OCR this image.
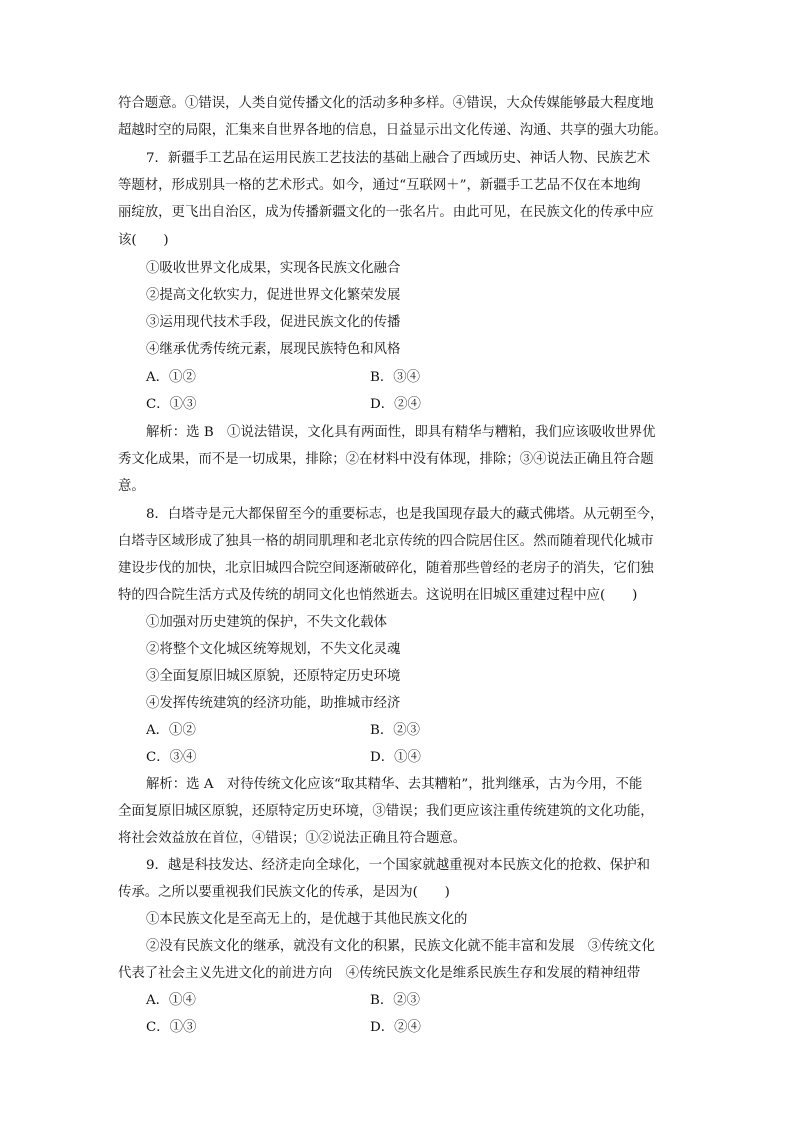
符合题意。①错误，人类自觉传播文化的活动多种多样。④错误，大众传媒能够最大程度地
超越时空的局限，汇集来自世界各地的信息，日益显示出文化传递、沟通、共享的强大功能。
7．新疆手工艺品在运用民族工艺技法的基础上融合了西域历史、神话人物、民族艺术
等题材，形成别具一格的艺术形式。如今，通过“互联网＋”，新疆手工艺品不仅在本地绚
丽绽放，更飞出自治区，成为传播新疆文化的一张名片。由此可见，在民族文化的传承中应
该(　　)
①吸收世界文化成果，实现各民族文化融合
②提高文化软实力，促进世界文化繁荣发展
③运用现代技术手段，促进民族文化的传播
④继承优秀传统元素，展现民族特色和风格
A．①②	B．③④
C．①③	D．②④
解析：选 B　①说法错误，文化具有两面性，即具有精华与糟粕，我们应该吸收世界优
秀文化成果，而不是一切成果，排除；②在材料中没有体现，排除；③④说法正确且符合题
意。
8．白塔寺是元大都保留至今的重要标志，也是我国现存最大的藏式佛塔。从元朝至今，
白塔寺区域形成了独具一格的胡同肌理和老北京传统的四合院居住区。然而随着现代化城市
建设步伐的加快，北京旧城四合院空间逐渐破碎化，随着那些曾经的老房子的消失，它们独
特的四合院生活方式及传统的胡同文化也悄然逝去。这说明在旧城区重建过程中应(　　)
①加强对历史建筑的保护，不失文化载体
②将整个文化城区统筹规划，不失文化灵魂
③全面复原旧城区原貌，还原特定历史环境
④发挥传统建筑的经济功能，助推城市经济
A．①②	B．②③
C．③④	D．①④
解析：选 A　对待传统文化应该“取其精华、去其糟粕”，批判继承，古为今用，不能
全面复原旧城区原貌，还原特定历史环境，③错误；我们更应该注重传统建筑的文化功能，
将社会效益放在首位，④错误；①②说法正确且符合题意。
9．越是科技发达、经济走向全球化，一个国家就越重视对本民族文化的抢救、保护和
传承。之所以要重视我们民族文化的传承，是因为(　　)
①本民族文化是至高无上的，是优越于其他民族文化的
②没有民族文化的继承，就没有文化的积累，民族文化就不能丰富和发展　③传统文化
代表了社会主义先进文化的前进方向　④传统民族文化是维系民族生存和发展的精神纽带
A．①④	B．②③
C．①③	D．②④
